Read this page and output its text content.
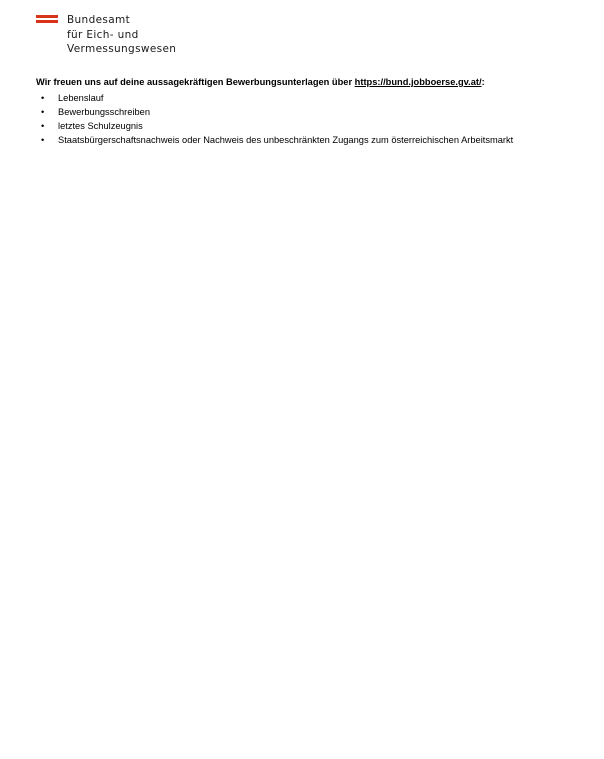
Bundesamt
für Eich- und
Vermessungswesen

Wir freuen uns auf deine aussagekräftigen Bewerbungsunterlagen über https://bund.jobboerse.gv.at/:

• Lebenslauf
• Bewerbungsschreiben
• letztes Schulzeugnis
• Staatsbürgerschaftsnachweis oder Nachweis des unbeschränkten Zugangs zum österreichischen Arbeitsmarkt
